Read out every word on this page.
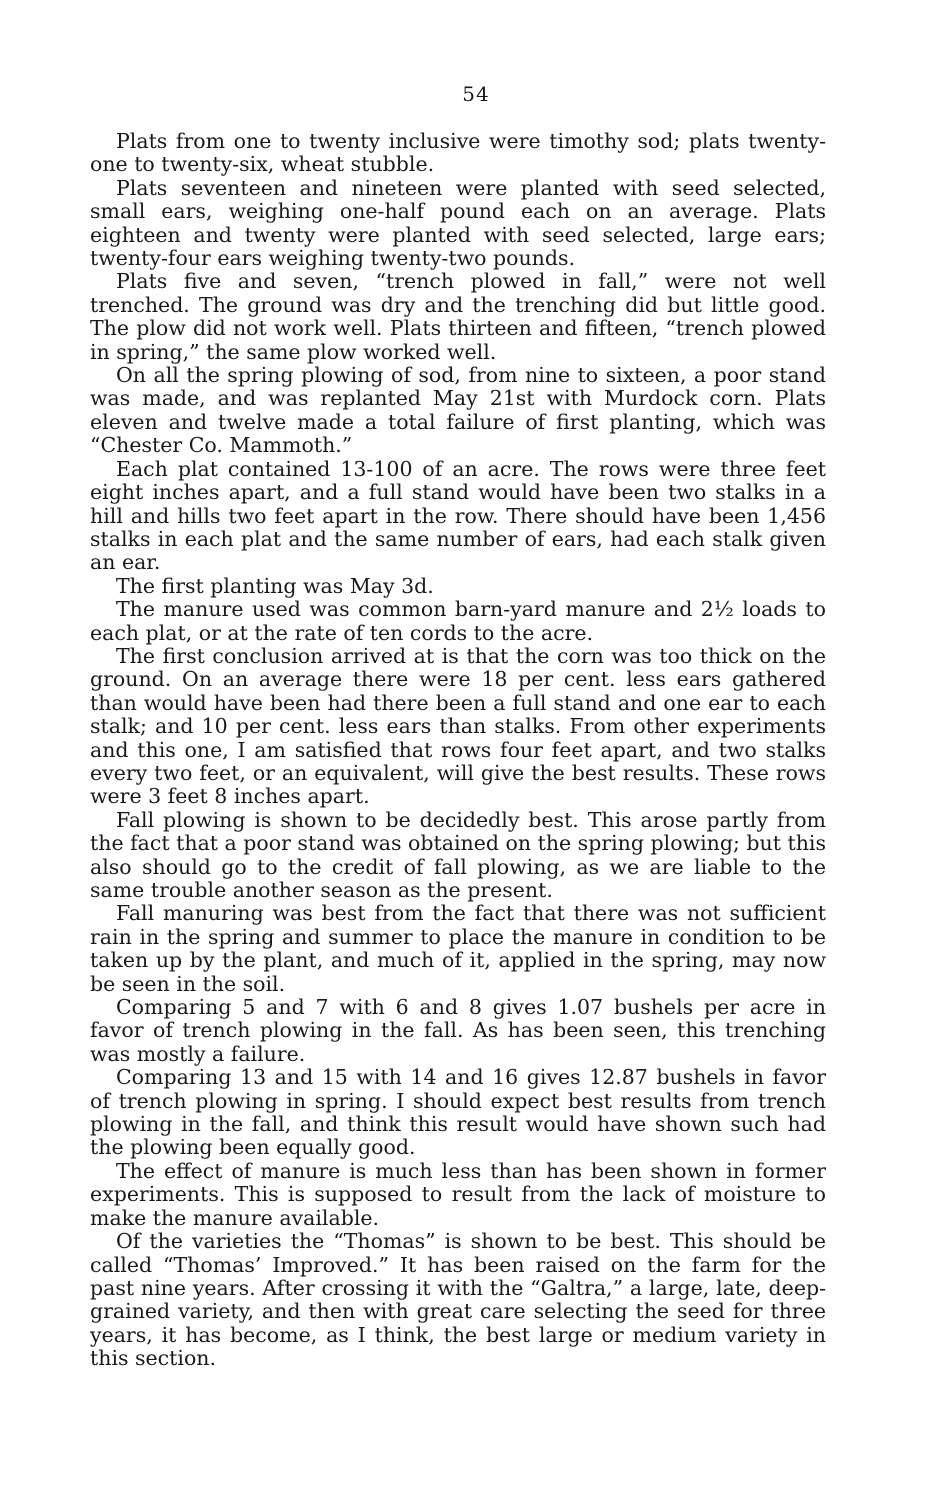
54

Plats from one to twenty inclusive were timothy sod; plats twenty-one to twenty-six, wheat stubble.

Plats seventeen and nineteen were planted with seed selected, small ears, weighing one-half pound each on an average. Plats eighteen and twenty were planted with seed selected, large ears; twenty-four ears weighing twenty-two pounds.

Plats five and seven, “trench plowed in fall,” were not well trenched. The ground was dry and the trenching did but little good. The plow did not work well. Plats thirteen and fifteen, “trench plowed in spring,” the same plow worked well.

On all the spring plowing of sod, from nine to sixteen, a poor stand was made, and was replanted May 21st with Murdock corn. Plats eleven and twelve made a total failure of first planting, which was “Chester Co. Mammoth.”

Each plat contained 13-100 of an acre. The rows were three feet eight inches apart, and a full stand would have been two stalks in a hill and hills two feet apart in the row. There should have been 1,456 stalks in each plat and the same number of ears, had each stalk given an ear.

The first planting was May 3d.

The manure used was common barn-yard manure and 2½ loads to each plat, or at the rate of ten cords to the acre.

The first conclusion arrived at is that the corn was too thick on the ground. On an average there were 18 per cent. less ears gathered than would have been had there been a full stand and one ear to each stalk; and 10 per cent. less ears than stalks. From other experiments and this one, I am satisfied that rows four feet apart, and two stalks every two feet, or an equivalent, will give the best results. These rows were 3 feet 8 inches apart.

Fall plowing is shown to be decidedly best. This arose partly from the fact that a poor stand was obtained on the spring plowing; but this also should go to the credit of fall plowing, as we are liable to the same trouble another season as the present.

Fall manuring was best from the fact that there was not sufficient rain in the spring and summer to place the manure in condition to be taken up by the plant, and much of it, applied in the spring, may now be seen in the soil.

Comparing 5 and 7 with 6 and 8 gives 1.07 bushels per acre in favor of trench plowing in the fall. As has been seen, this trenching was mostly a failure.

Comparing 13 and 15 with 14 and 16 gives 12.87 bushels in favor of trench plowing in spring. I should expect best results from trench plowing in the fall, and think this result would have shown such had the plowing been equally good.

The effect of manure is much less than has been shown in former experiments. This is supposed to result from the lack of moisture to make the manure available.

Of the varieties the “Thomas” is shown to be best. This should be called “Thomas’ Improved.” It has been raised on the farm for the past nine years. After crossing it with the “Galtra,” a large, late, deep-grained variety, and then with great care selecting the seed for three years, it has become, as I think, the best large or medium variety in this section.
